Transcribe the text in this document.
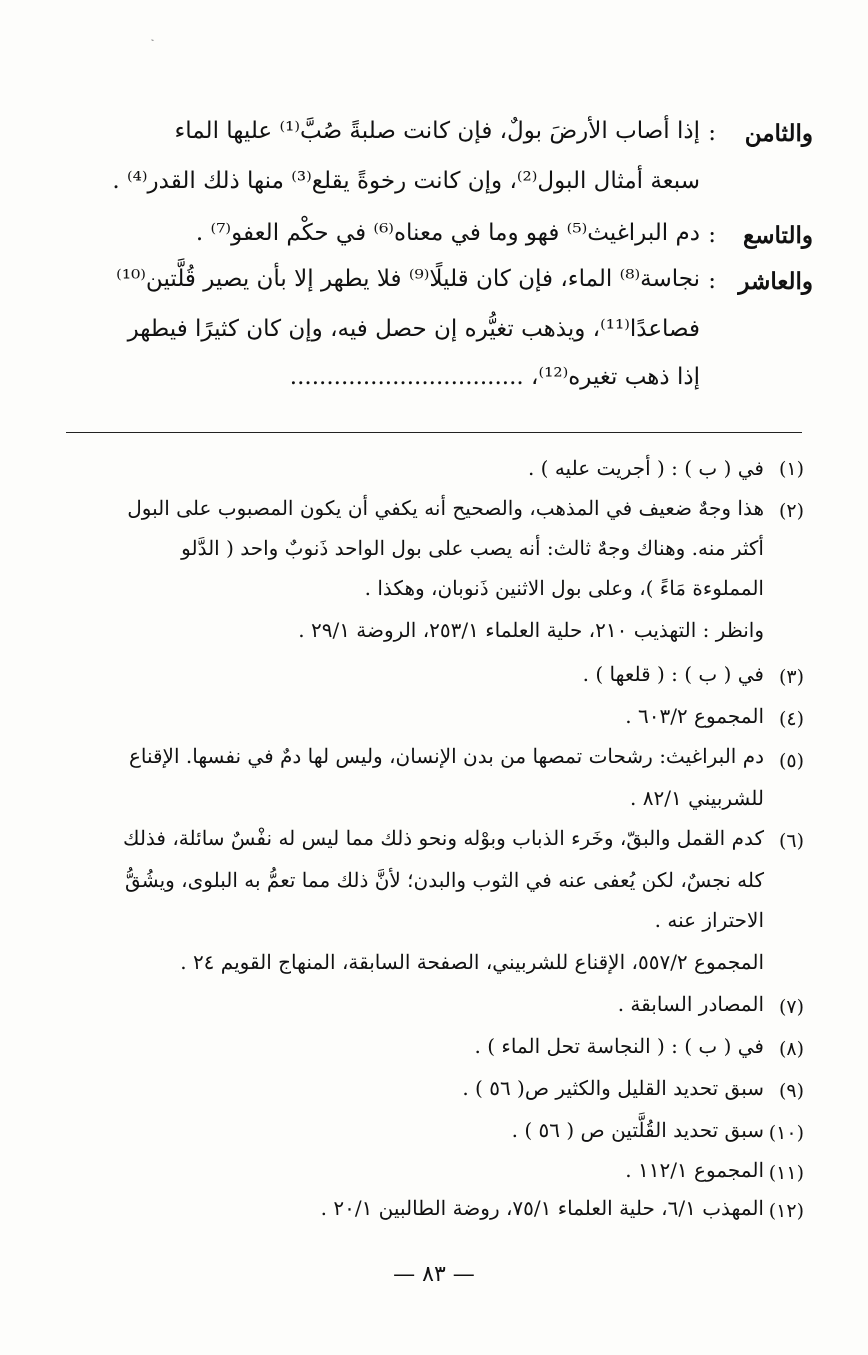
والثامن
:
إذا أصاب الأرضَ بولٌ، فإن كانت صلبةً صُبَّ⁽¹⁾ عليها الماء
سبعة أمثال البول⁽²⁾، وإن كانت رخوةً يقلع⁽³⁾ منها ذلك القدر⁽⁴⁾ .
والتاسع
:
دم البراغيث⁽⁵⁾ فهو وما في معناه⁽⁶⁾ في حكْم العفو⁽⁷⁾ .
والعاشر
:
نجاسة⁽⁸⁾ الماء، فإن كان قليلًا⁽⁹⁾ فلا يطهر إلا بأن يصير قُلَّتين⁽¹⁰⁾
فصاعدًا⁽¹¹⁾، ويذهب تغيُّره إن حصل فيه، وإن كان كثيرًا فيطهر
إذا ذهب تغيره⁽¹²⁾، ................................
(١)
في ( ب ) : ( أجريت عليه ) .
(٢)
هذا وجهٌ ضعيف في المذهب، والصحيح أنه يكفي أن يكون المصبوب على البول
أكثر منه. وهناك وجهٌ ثالث: أنه يصب على بول الواحد ذَنوبٌ واحد ( الدَّلو
المملوءة مَاءً )، وعلى بول الاثنين ذَنوبان، وهكذا .
وانظر : التهذيب ٢١٠، حلية العلماء ٢٥٣/١، الروضة ٢٩/١ .
(٣)
في ( ب ) : ( قلعها ) .
(٤)
المجموع ٦٠٣/٢ .
(٥)
دم البراغيث: رشحات تمصها من بدن الإنسان، وليس لها دمٌ في نفسها. الإقناع
للشربيني ٨٢/١ .
(٦)
كدم القمل والبقّ، وخَرء الذباب وبوْله ونحو ذلك مما ليس له نفْسٌ سائلة، فذلك
كله نجسٌ، لكن يُعفى عنه في الثوب والبدن؛ لأنَّ ذلك مما تعمُّ به البلوى، ويشُقُّ
الاحتراز عنه .
المجموع ٥٥٧/٢، الإقناع للشربيني، الصفحة السابقة، المنهاج القويم ٢٤ .
(٧)
المصادر السابقة .
(٨)
في ( ب ) : ( النجاسة تحل الماء ) .
(٩)
سبق تحديد القليل والكثير ص( ٥٦ ) .
(١٠)
سبق تحديد القُلَّتين ص ( ٥٦ ) .
(١١)
المجموع ١١٢/١ .
(١٢)
المهذب ٦/١، حلية العلماء ٧٥/١، روضة الطالبين ٢٠/١ .
— ٨٣ —
